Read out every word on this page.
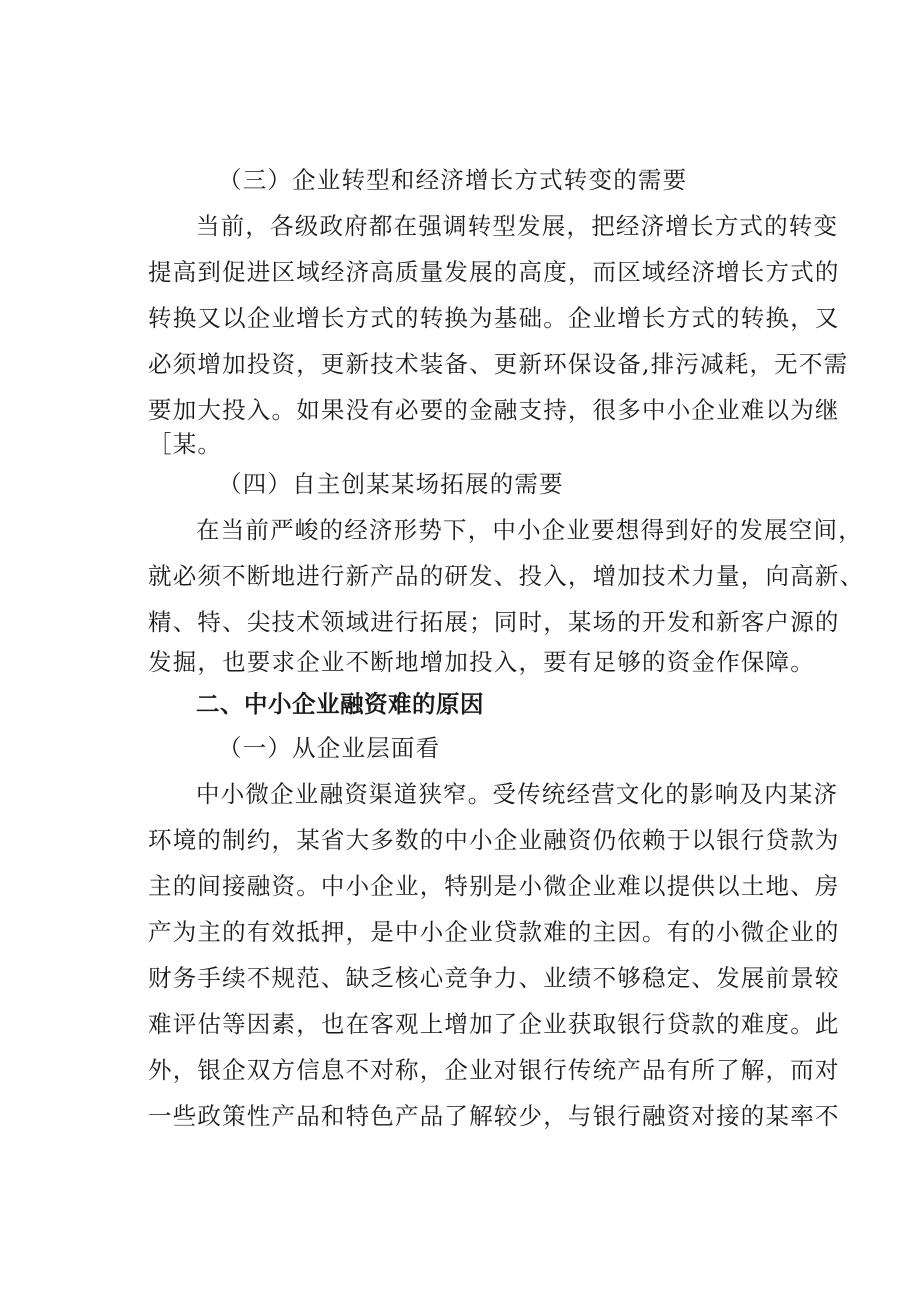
（三）企业转型和经济增长方式转变的需要
当前，各级政府都在强调转型发展，把经济增长方式的转变
提高到促进区域经济高质量发展的高度，而区域经济增长方式的
转换又以企业增长方式的转换为基础。企业增长方式的转换，又
必须增加投资，更新技术装备、更新环保设备,排污减耗，无不需
要加大投入。如果没有必要的金融支持，很多中小企业难以为继
［某。
（四）自主创某某场拓展的需要
在当前严峻的经济形势下，中小企业要想得到好的发展空间，
就必须不断地进行新产品的研发、投入，增加技术力量，向高新、
精、特、尖技术领域进行拓展；同时，某场的开发和新客户源的
发掘，也要求企业不断地增加投入，要有足够的资金作保障。
二、中小企业融资难的原因
（一）从企业层面看
中小微企业融资渠道狭窄。受传统经营文化的影响及内某济
环境的制约，某省大多数的中小企业融资仍依赖于以银行贷款为
主的间接融资。中小企业，特别是小微企业难以提供以土地、房
产为主的有效抵押，是中小企业贷款难的主因。有的小微企业的
财务手续不规范、缺乏核心竞争力、业绩不够稳定、发展前景较
难评估等因素，也在客观上增加了企业获取银行贷款的难度。此
外，银企双方信息不对称，企业对银行传统产品有所了解，而对
一些政策性产品和特色产品了解较少，与银行融资对接的某率不
